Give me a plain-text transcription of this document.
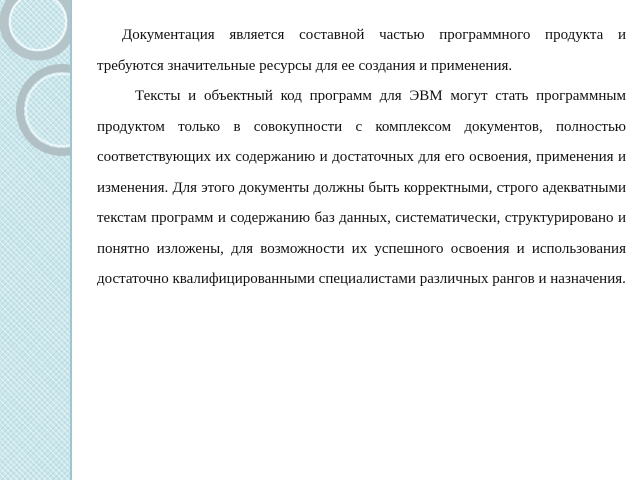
Документация является составной частью программного продукта и требуются значительные ресурсы для ее создания и применения.

Тексты и объектный код программ для ЭВМ могут стать программным продуктом только в совокупности с комплексом документов, полностью соответствующих их содержанию и достаточных для его освоения, применения и изменения. Для этого документы должны быть корректными, строго адекватными текстам программ и содержанию баз данных, систематически, структурировано и понятно изложены, для возможности их успешного освоения и использования достаточно квалифицированными специалистами различных рангов и назначения.
